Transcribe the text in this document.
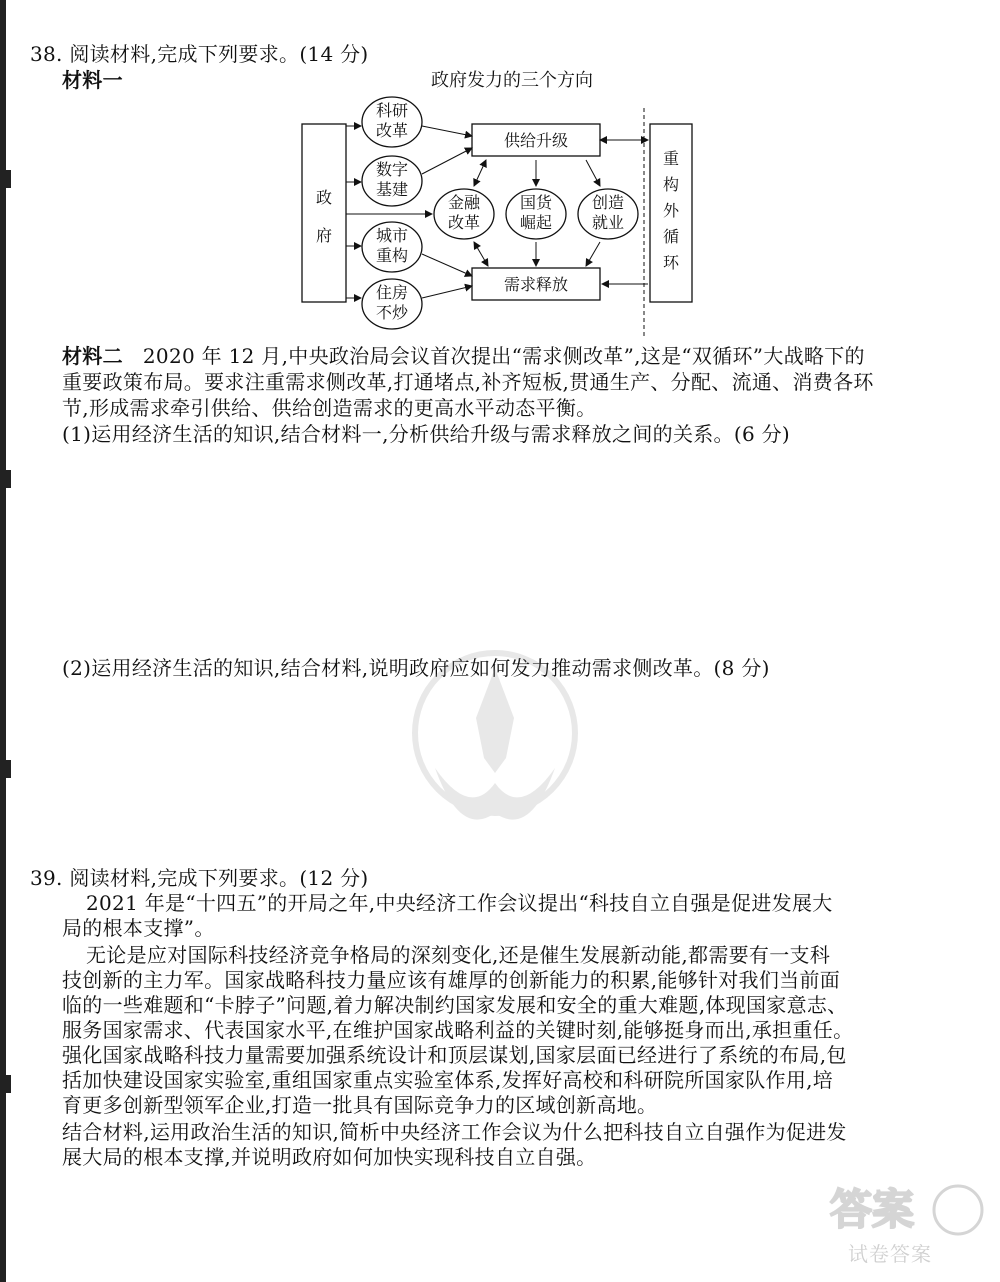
38. 阅读材料,完成下列要求。(14 分)
材料一	政府发力的三个方向
政
府
科研
改革
数字
基建
城市
重构
住房
不炒
供给升级
需求释放
金融
改革
国货
崛起
创造
就业
重
构
外
循
环
材料二 2020 年 12 月,中央政治局会议首次提出“需求侧改革”,这是“双循环”大战略下的
重要政策布局。要求注重需求侧改革,打通堵点,补齐短板,贯通生产、分配、流通、消费各环
节,形成需求牵引供给、供给创造需求的更高水平动态平衡。
(1)运用经济生活的知识,结合材料一,分析供给升级与需求释放之间的关系。(6 分)
(2)运用经济生活的知识,结合材料,说明政府应如何发力推动需求侧改革。(8 分)
39. 阅读材料,完成下列要求。(12 分)
2021 年是“十四五”的开局之年,中央经济工作会议提出“科技自立自强是促进发展大
局的根本支撑”。
无论是应对国际科技经济竞争格局的深刻变化,还是催生发展新动能,都需要有一支科
技创新的主力军。国家战略科技力量应该有雄厚的创新能力的积累,能够针对我们当前面
临的一些难题和“卡脖子”问题,着力解决制约国家发展和安全的重大难题,体现国家意志、
服务国家需求、代表国家水平,在维护国家战略利益的关键时刻,能够挺身而出,承担重任。
强化国家战略科技力量需要加强系统设计和顶层谋划,国家层面已经进行了系统的布局,包
括加快建设国家实验室,重组国家重点实验室体系,发挥好高校和科研院所国家队作用,培
育更多创新型领军企业,打造一批具有国际竞争力的区域创新高地。
结合材料,运用政治生活的知识,简析中央经济工作会议为什么把科技自立自强作为促进发
展大局的根本支撑,并说明政府如何加快实现科技自立自强。
答案
试卷答案
